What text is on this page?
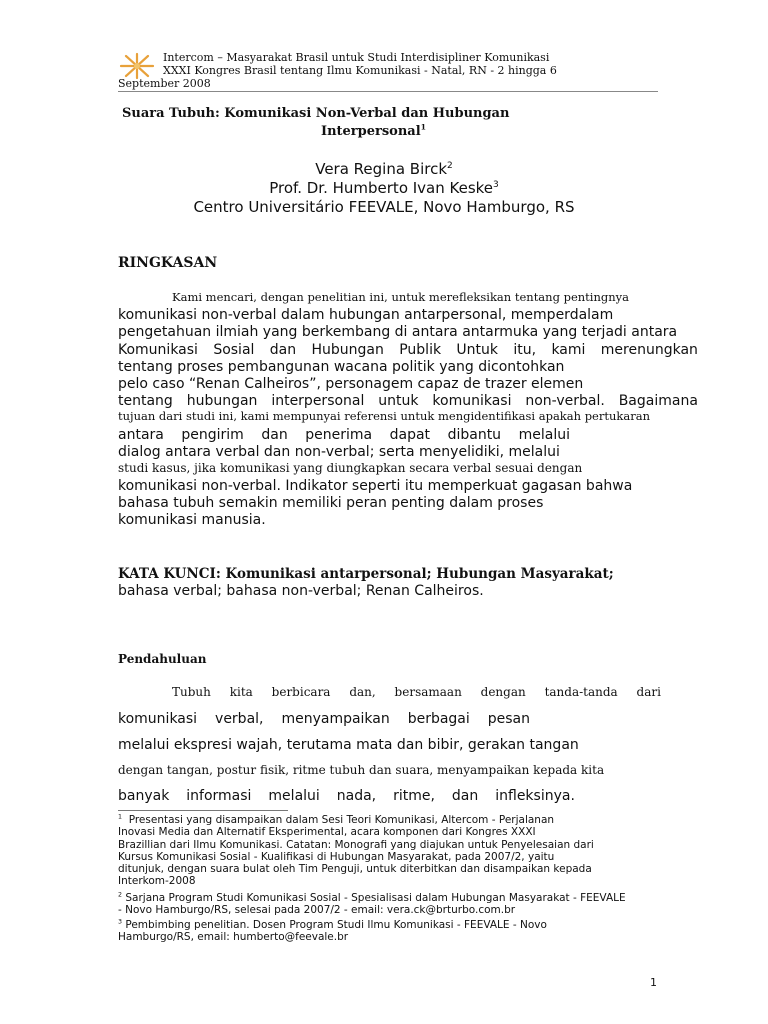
Intercom – Masyarakat Brasil untuk Studi Interdisipliner Komunikasi
XXXI Kongres Brasil tentang Ilmu Komunikasi - Natal, RN - 2 hingga 6
September 2008
Suara Tubuh: Komunikasi Non-Verbal dan Hubungan
Interpersonal$^1$
Vera Regina Birck$^2$
Prof. Dr. Humberto Ivan Keske$^3$
Centro Universitário FEEVALE, Novo Hamburgo, RS
RINGKASAN
Kami mencari, dengan penelitian ini, untuk merefleksikan tentang pentingnya
komunikasi non-verbal dalam hubungan antarpersonal, memperdalam
pengetahuan ilmiah yang berkembang di antara antarmuka yang terjadi antara
Komunikasi Sosial dan Hubungan Publik Untuk itu, kami merenungkan
tentang proses pembangunan wacana politik yang dicontohkan
pelo caso “Renan Calheiros”, personagem capaz de trazer elemen
tentang hubungan interpersonal untuk komunikasi non-verbal. Bagaimana
tujuan dari studi ini, kami mempunyai referensi untuk mengidentifikasi apakah pertukaran
antara pengirim dan penerima dapat dibantu melalui
dialog antara verbal dan non-verbal; serta menyelidiki, melalui
studi kasus, jika komunikasi yang diungkapkan secara verbal sesuai dengan
komunikasi non-verbal. Indikator seperti itu memperkuat gagasan bahwa
bahasa tubuh semakin memiliki peran penting dalam proses
komunikasi manusia.
KATA KUNCI: Komunikasi antarpersonal; Hubungan Masyarakat;
bahasa verbal; bahasa non-verbal; Renan Calheiros.
Pendahuluan
Tubuh kita berbicara dan, bersamaan dengan tanda-tanda dari
komunikasi verbal, menyampaikan berbagai pesan
melalui ekspresi wajah, terutama mata dan bibir, gerakan tangan
dengan tangan, postur fisik, ritme tubuh dan suara, menyampaikan kepada kita
banyak informasi melalui nada, ritme, dan infleksinya.
$^1$ Presentasi yang disampaikan dalam Sesi Teori Komunikasi, Altercom - Perjalanan
Inovasi Media dan Alternatif Eksperimental, acara komponen dari Kongres XXXI
Brazillian dari Ilmu Komunikasi. Catatan: Monografi yang diajukan untuk Penyelesaian dari
Kursus Komunikasi Sosial - Kualifikasi di Hubungan Masyarakat, pada 2007/2, yaitu
ditunjuk, dengan suara bulat oleh Tim Penguji, untuk diterbitkan dan disampaikan kepada
Interkom-2008
$^2$ Sarjana Program Studi Komunikasi Sosial - Spesialisasi dalam Hubungan Masyarakat - FEEVALE
- Novo Hamburgo/RS, selesai pada 2007/2 - email: vera.ck@brturbo.com.br
$^3$ Pembimbing penelitian. Dosen Program Studi Ilmu Komunikasi - FEEVALE - Novo
Hamburgo/RS, email: humberto@feevale.br
1
